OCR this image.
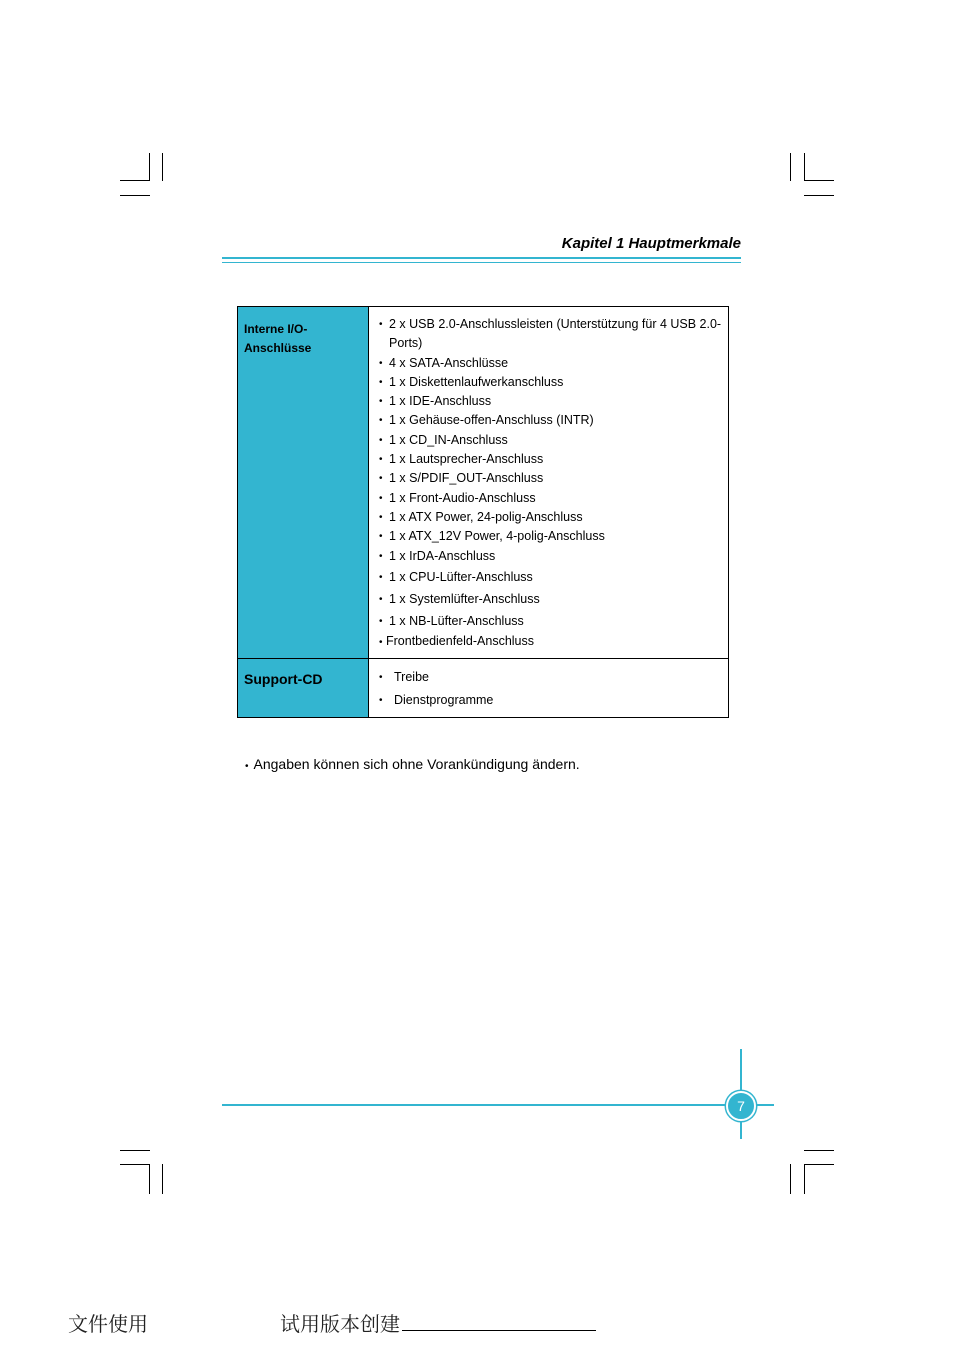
Kapitel 1 Hauptmerkmale
Interne I/O-
Anschlüsse
• 2 x USB 2.0-Anschlussleisten (Unterstützung für 4 USB 2.0-Ports)
• 4 x SATA-Anschlüsse
• 1 x Diskettenlaufwerkanschluss
• 1 x IDE-Anschluss
• 1 x Gehäuse-offen-Anschluss (INTR)
• 1 x CD_IN-Anschluss
• 1 x Lautsprecher-Anschluss
• 1 x S/PDIF_OUT-Anschluss
• 1 x Front-Audio-Anschluss
• 1 x ATX Power, 24-polig-Anschluss
• 1 x ATX_12V Power, 4-polig-Anschluss
• 1 x IrDA-Anschluss
• 1 x CPU-Lüfter-Anschluss
• 1 x Systemlüfter-Anschluss
• 1 x NB-Lüfter-Anschluss
• Frontbedienfeld-Anschluss
Support-CD	• Treibe
• Dienstprogramme
• Angaben können sich ohne Vorankündigung ändern.
7
文件使用	试用版本创建
